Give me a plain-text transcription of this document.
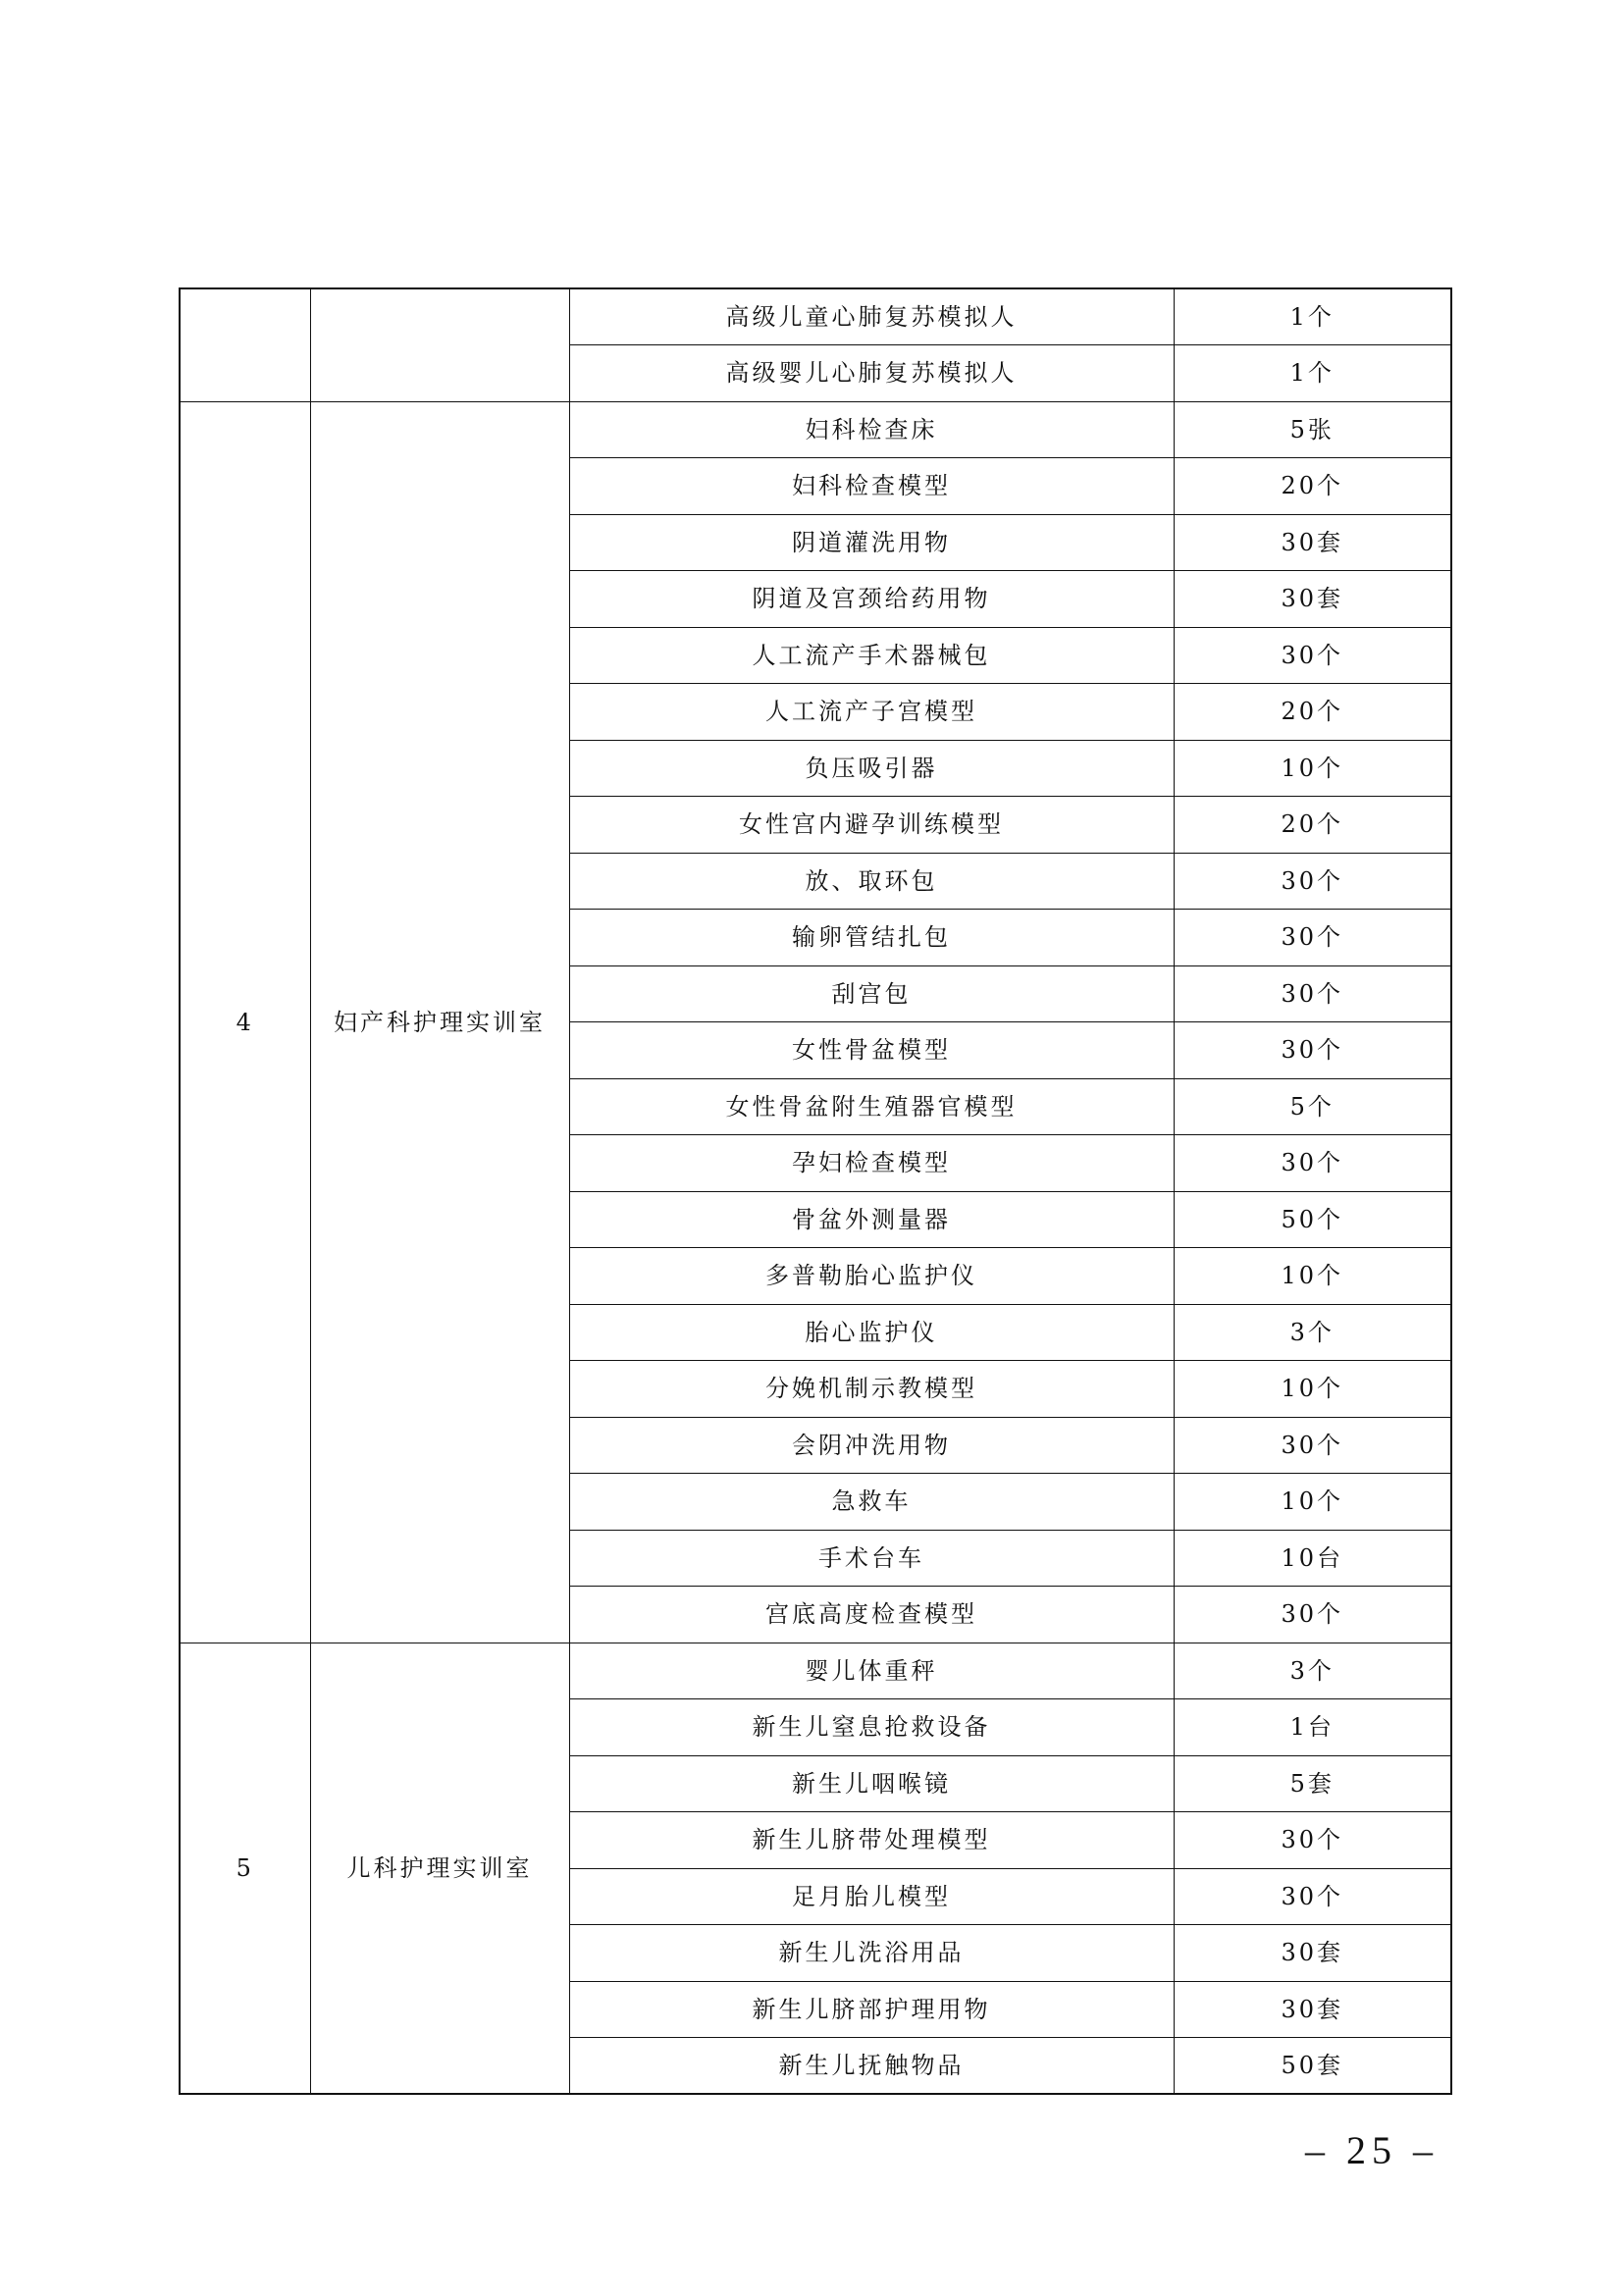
		高级儿童心肺复苏模拟人	1个
		高级婴儿心肺复苏模拟人	1个
4	妇产科护理实训室	妇科检查床	5张
		妇科检查模型	20个
		阴道灌洗用物	30套
		阴道及宫颈给药用物	30套
		人工流产手术器械包	30个
		人工流产子宫模型	20个
		负压吸引器	10个
		女性宫内避孕训练模型	20个
		放、取环包	30个
		输卵管结扎包	30个
		刮宫包	30个
		女性骨盆模型	30个
		女性骨盆附生殖器官模型	5个
		孕妇检查模型	30个
		骨盆外测量器	50个
		多普勒胎心监护仪	10个
		胎心监护仪	3个
		分娩机制示教模型	10个
		会阴冲洗用物	30个
		急救车	10个
		手术台车	10台
		宫底高度检查模型	30个
5	儿科护理实训室	婴儿体重秤	3个
		新生儿窒息抢救设备	1台
		新生儿咽喉镜	5套
		新生儿脐带处理模型	30个
		足月胎儿模型	30个
		新生儿洗浴用品	30套
		新生儿脐部护理用物	30套
		新生儿抚触物品	50套
– 25 –
